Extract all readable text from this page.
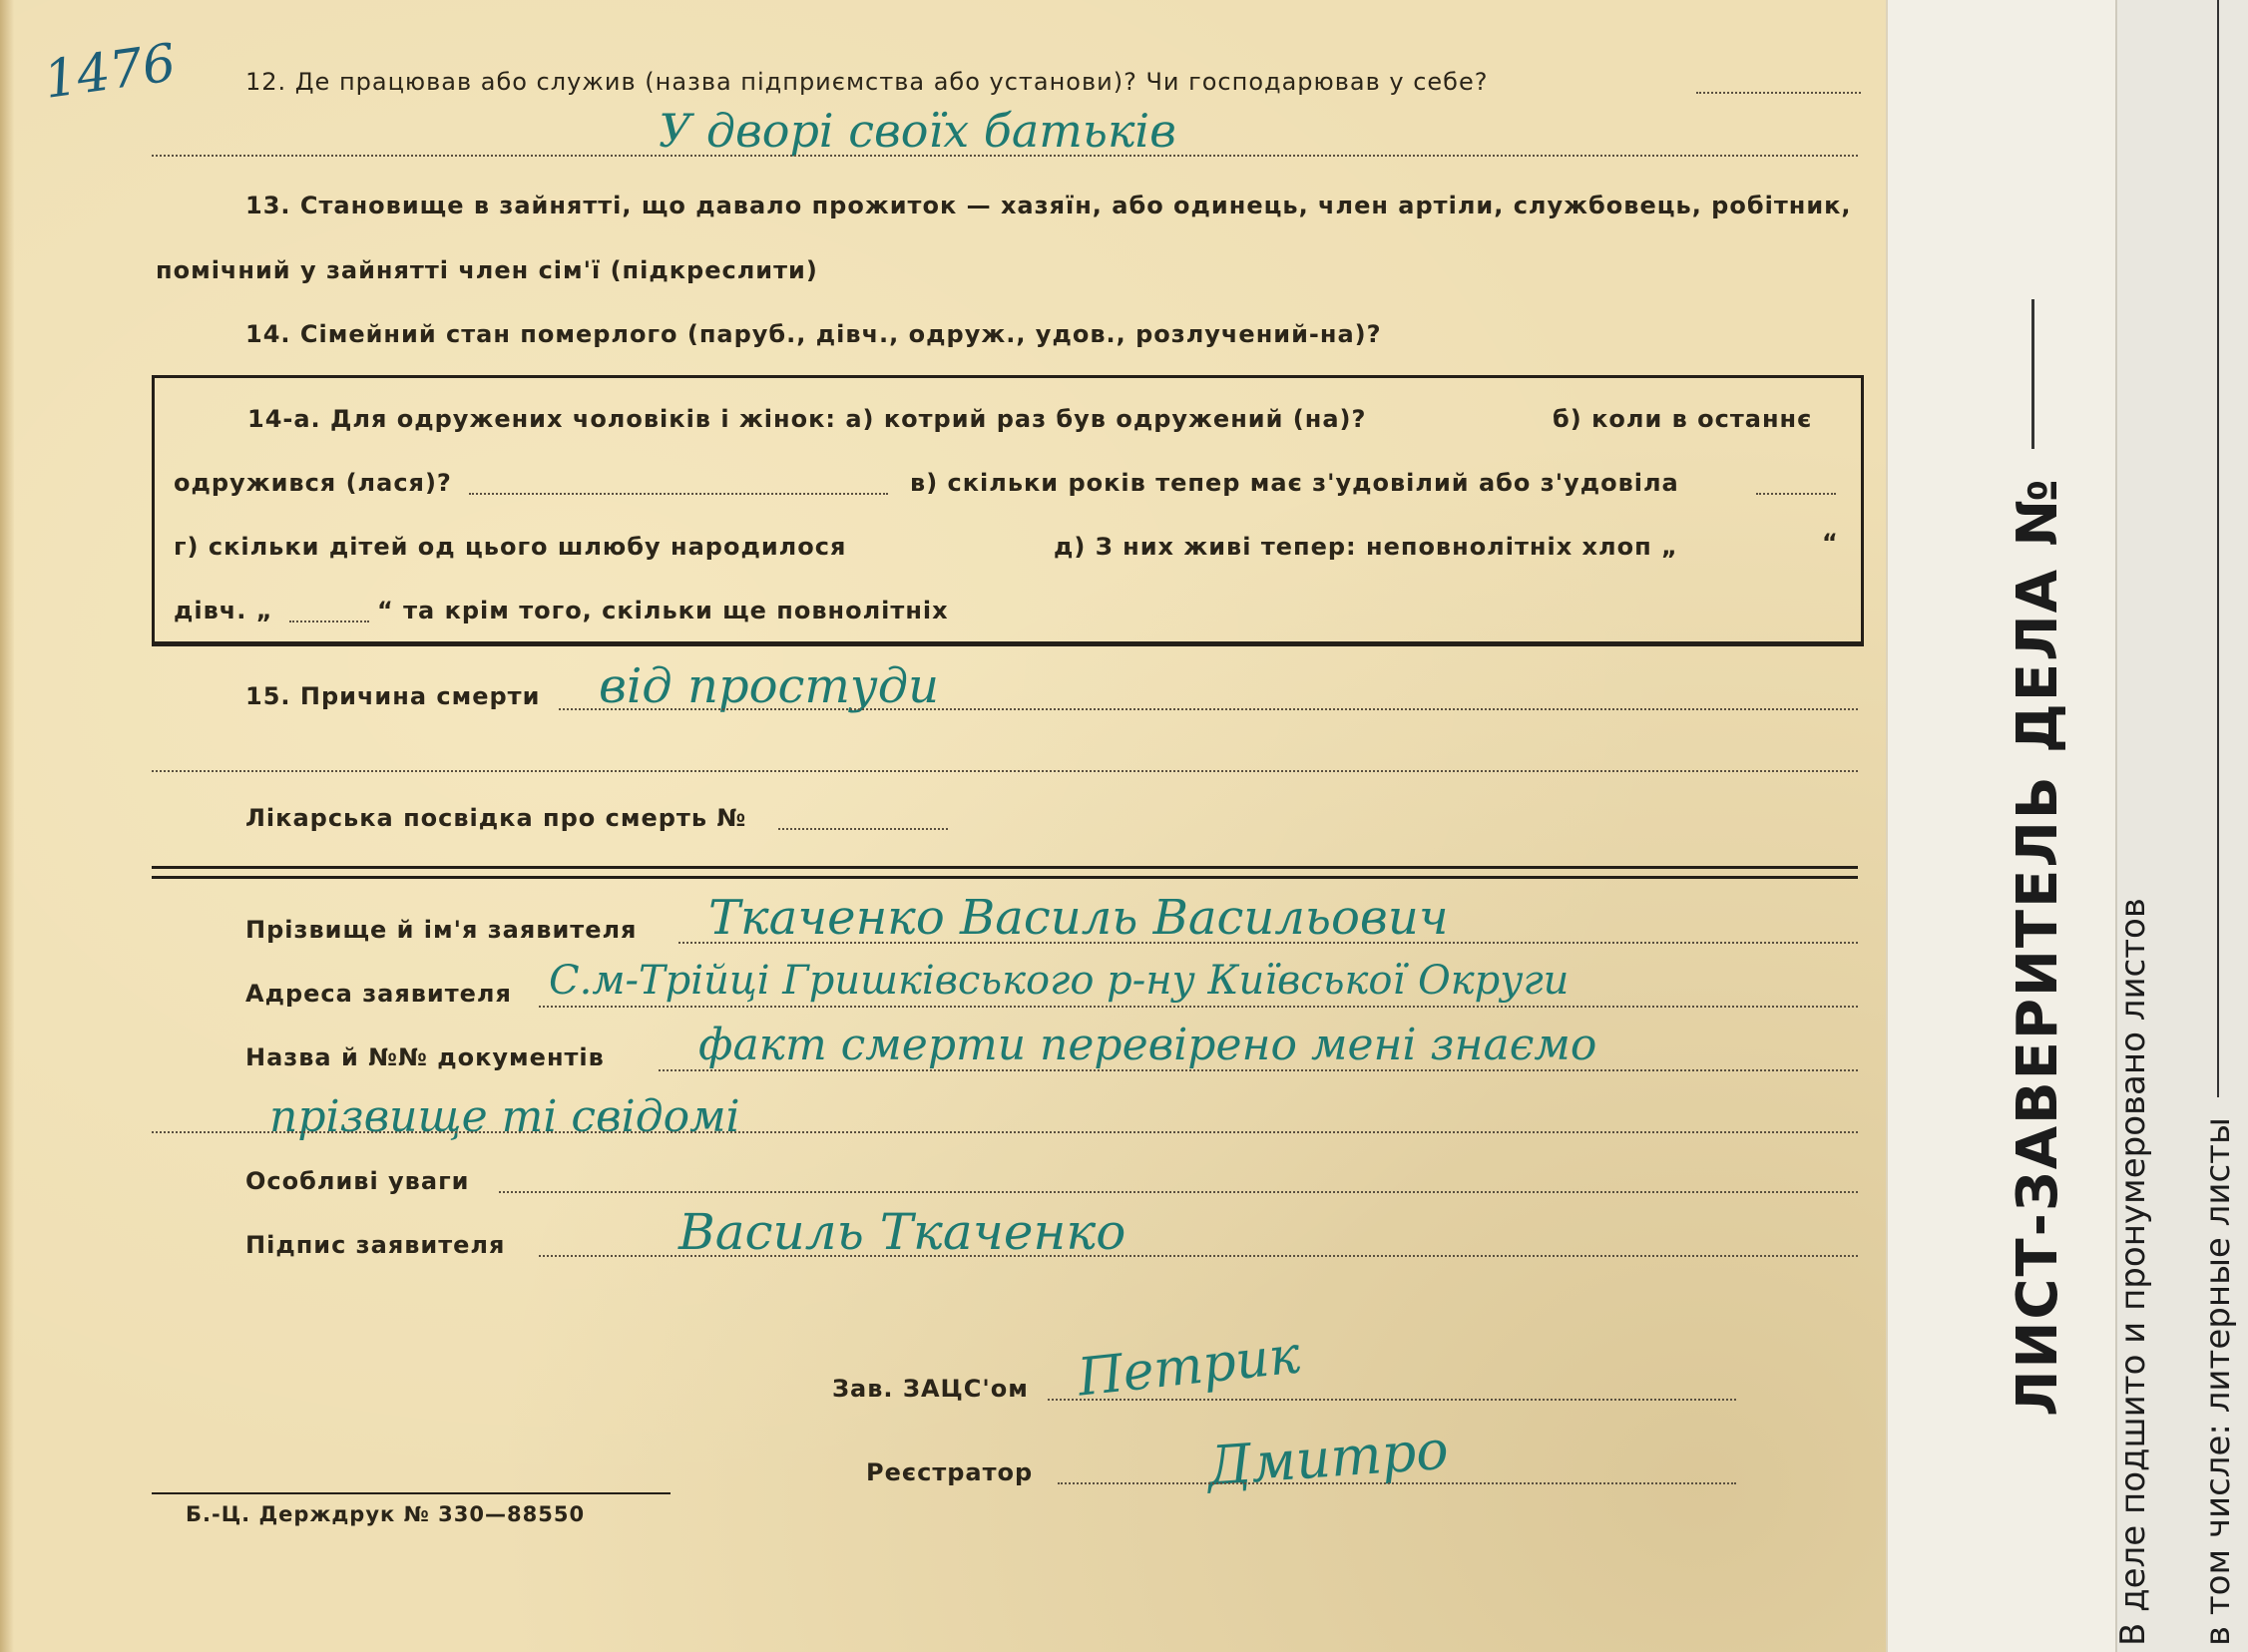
ЛИСТ-ЗАВЕРИТЕЛЬ ДЕЛА № В деле подшито и пронумеровано листов в том числе: литерные листы
1476	12. Де працював або служив (назва підприємства або установи)? Чи господарював у себе?
У дворі своїх батьків
13. Становище в зайнятті, що давало прожиток — хазяїн, або одинець, член артіли, службовець, робітник,
помічний у зайнятті член сім'ї (підкреслити)
14. Сімейний стан померлого (паруб., дівч., одруж., удов., розлучений-на)?
14-а. Для одружених чоловіків і жінок: а) котрий раз був одружений (на)?	б) коли в останнє
одружився (лася)?	в) скільки років тепер має з'удовілий або з'удовіла
г) скільки дітей од цього шлюбу народилося	д) З них живі тепер: неповнолітніх хлоп „	“
дівч. „	“ та крім того, скільки ще повнолітніх
15. Причина смерти від простуди
Лікарська посвідка про смерть №
Прізвище й ім'я заявителя Ткаченко Василь Васильович
Адреса заявителя С.м-Трійці Гришківського р-ну Київської Округи
Назва й №№ документів факт смерти перевірено мені знаємо
прізвище ті свідомі
Особливі уваги
Підпис заявителя	Василь Ткаченко
Зав. ЗАЦС'ом Петрик
Реєстратор	Дмитро
Б.-Ц. Держдрук № 330—88550
